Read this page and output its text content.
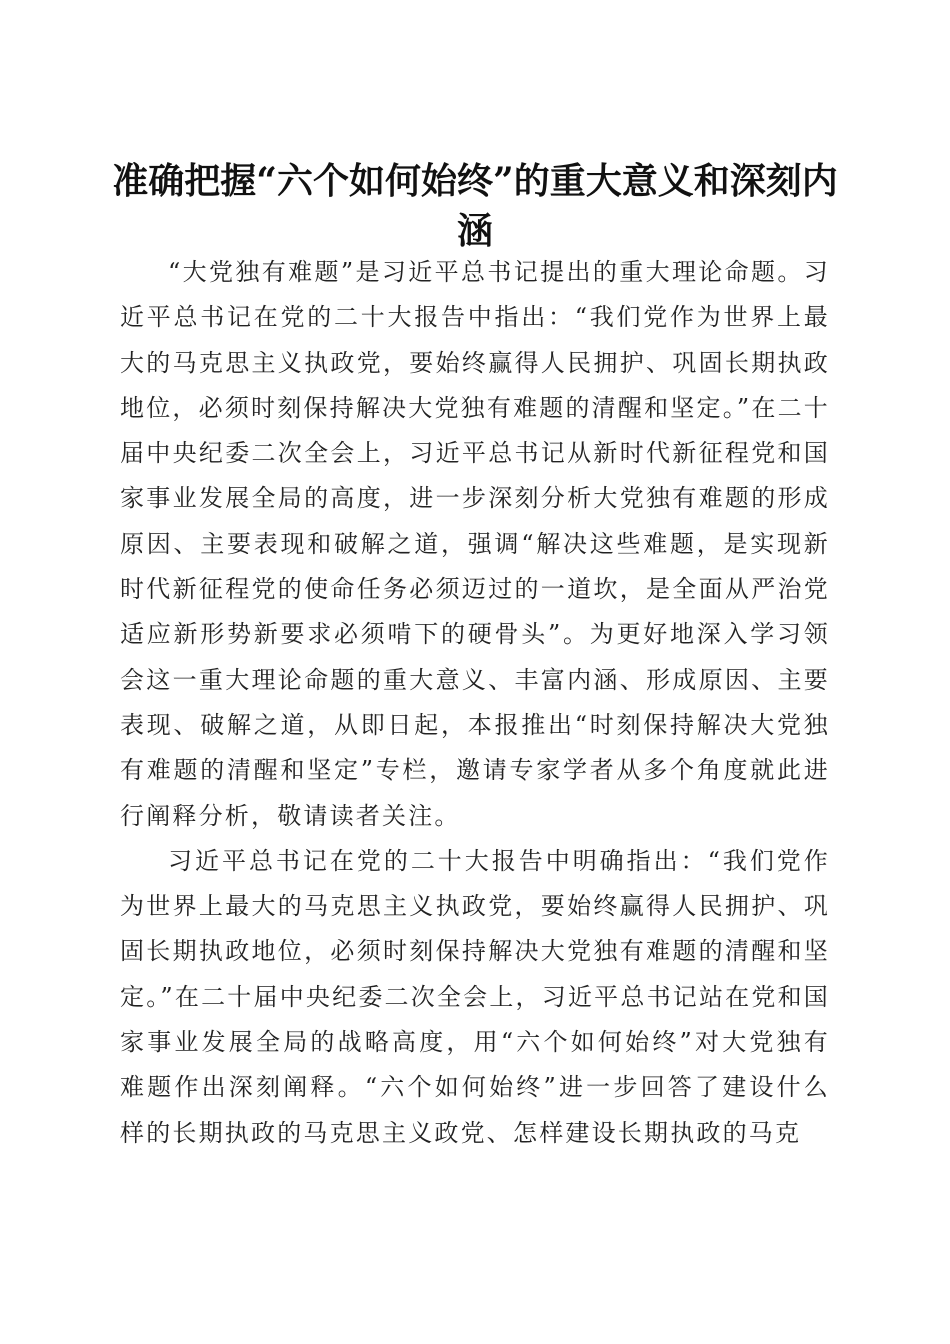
准确把握“六个如何始终”的重大意义和深刻内涵

“大党独有难题”是习近平总书记提出的重大理论命题。习近平总书记在党的二十大报告中指出：“我们党作为世界上最大的马克思主义执政党，要始终赢得人民拥护、巩固长期执政地位，必须时刻保持解决大党独有难题的清醒和坚定。”在二十届中央纪委二次全会上，习近平总书记从新时代新征程党和国家事业发展全局的高度，进一步深刻分析大党独有难题的形成原因、主要表现和破解之道，强调“解决这些难题，是实现新时代新征程党的使命任务必须迈过的一道坎，是全面从严治党适应新形势新要求必须啃下的硬骨头”。为更好地深入学习领会这一重大理论命题的重大意义、丰富内涵、形成原因、主要表现、破解之道，从即日起，本报推出“时刻保持解决大党独有难题的清醒和坚定”专栏，邀请专家学者从多个角度就此进行阐释分析，敬请读者关注。

习近平总书记在党的二十大报告中明确指出：“我们党作为世界上最大的马克思主义执政党，要始终赢得人民拥护、巩固长期执政地位，必须时刻保持解决大党独有难题的清醒和坚定。”在二十届中央纪委二次全会上，习近平总书记站在党和国家事业发展全局的战略高度，用“六个如何始终”对大党独有难题作出深刻阐释。“六个如何始终”进一步回答了建设什么样的长期执政的马克思主义政党、怎样建设长期执政的马克
